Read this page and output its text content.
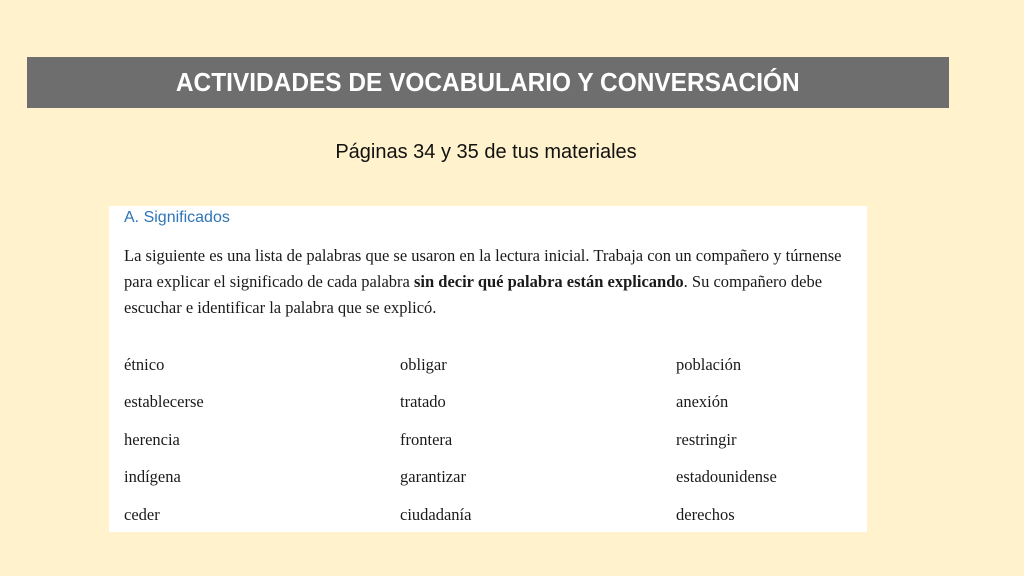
ACTIVIDADES DE VOCABULARIO Y CONVERSACIÓN
Páginas 34 y 35 de tus materiales
A. Significados
La siguiente es una lista de palabras que se usaron en la lectura inicial. Trabaja con un compañero y túrnense para explicar el significado de cada palabra sin decir qué palabra están explicando. Su compañero debe escuchar e identificar la palabra que se explicó.
étnico	obligar	población
establecerse	tratado	anexión
herencia	frontera	restringir
indígena	garantizar	estadounidense
ceder	ciudadanía	derechos
